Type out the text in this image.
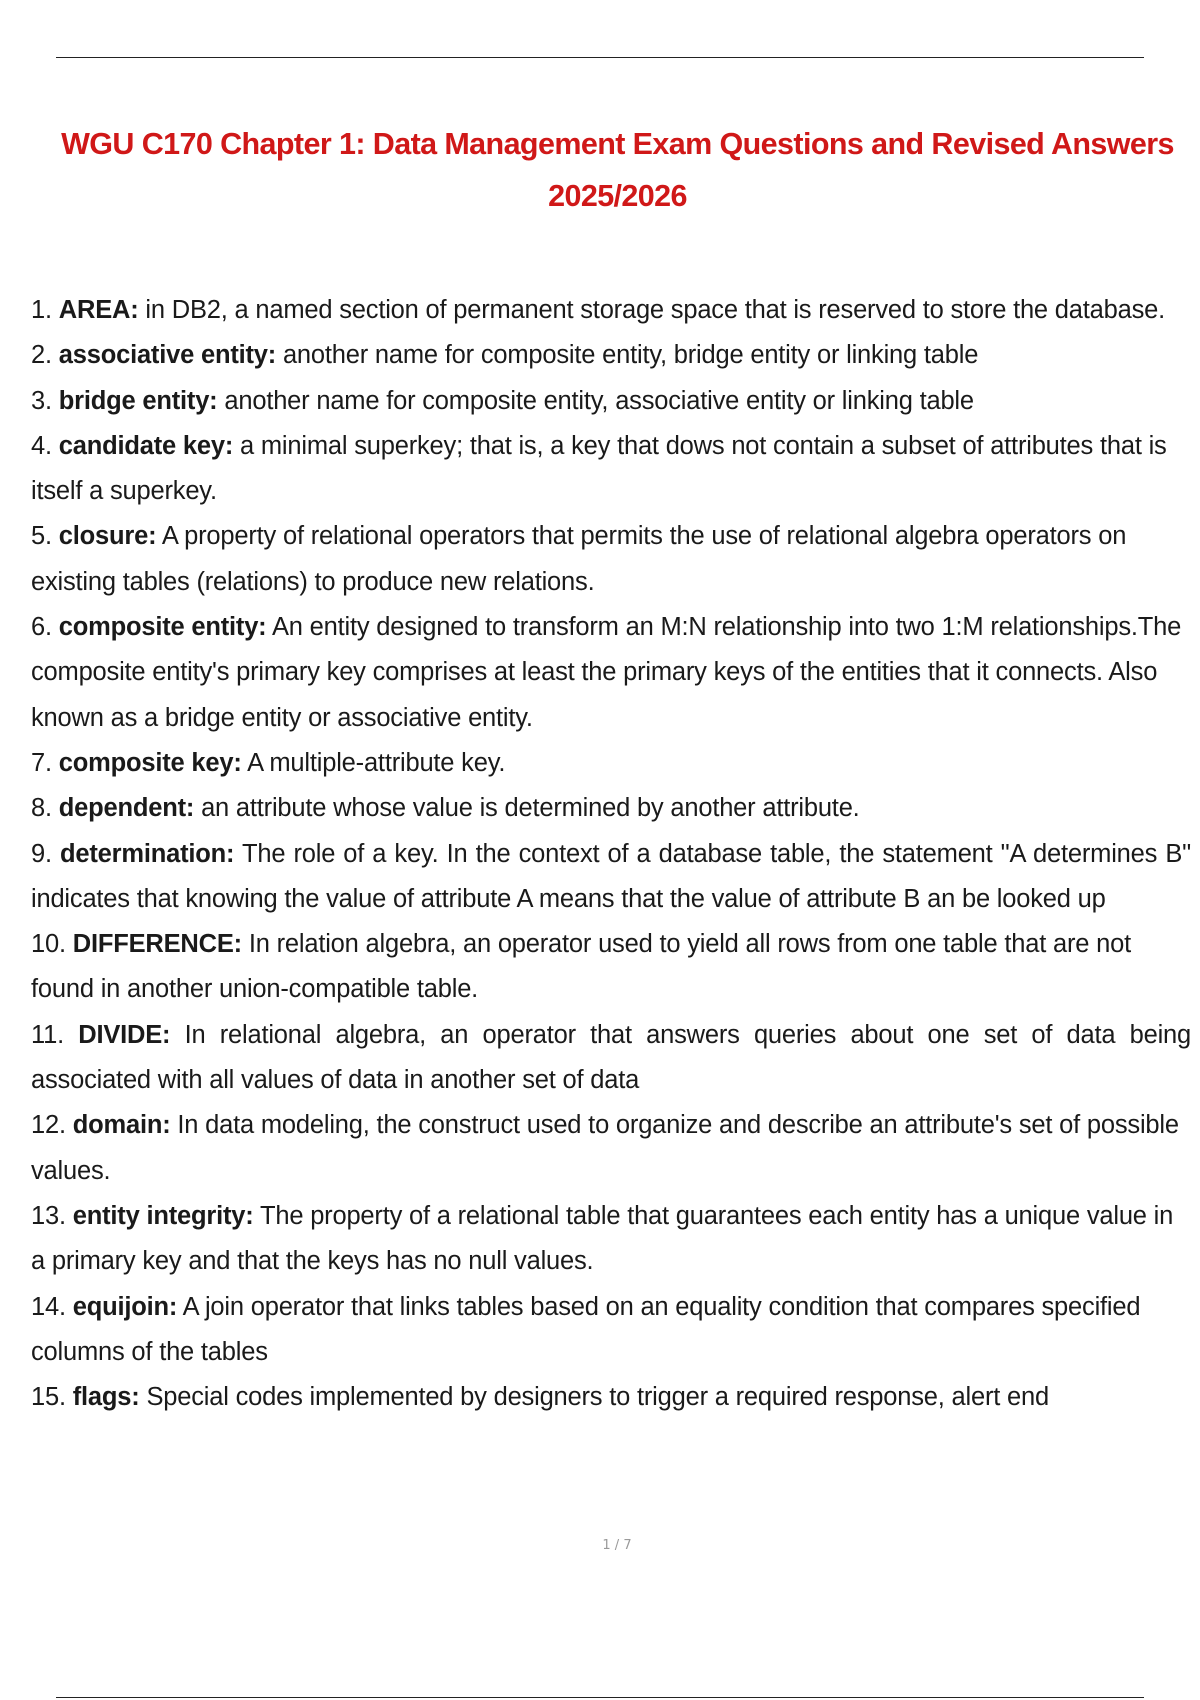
WGU C170 Chapter 1: Data Management Exam Questions and Revised Answers
2025/2026
1. AREA: in DB2, a named section of permanent storage space that is reserved to store the database.
2. associative entity: another name for composite entity, bridge entity or linking table
3. bridge entity: another name for composite entity, associative entity or linking table
4. candidate key: a minimal superkey; that is, a key that dows not contain a subset of attributes that is itself a superkey.
5. closure: A property of relational operators that permits the use of relational algebra operators on existing tables (relations) to produce new relations.
6. composite entity: An entity designed to transform an M:N relationship into two 1:M relationships.The composite entity's primary key comprises at least the primary keys of the entities that it connects. Also known as a bridge entity or associative entity.
7. composite key: A multiple-attribute key.
8. dependent: an attribute whose value is determined by another attribute.
9. determination: The role of a key. In the context of a database table, the statement "A determines B" indicates that knowing the value of attribute A means that the value of attribute B an be looked up
10. DIFFERENCE: In relation algebra, an operator used to yield all rows from one table that are not found in another union-compatible table.
11. DIVIDE: In relational algebra, an operator that answers queries about one set of data being associated with all values of data in another set of data
12. domain: In data modeling, the construct used to organize and describe an attribute's set of possible values.
13. entity integrity: The property of a relational table that guarantees each entity has a unique value in a primary key and that the keys has no null values.
14. equijoin: A join operator that links tables based on an equality condition that compares specified columns of the tables
15. flags: Special codes implemented by designers to trigger a required response, alert end
1 / 7
